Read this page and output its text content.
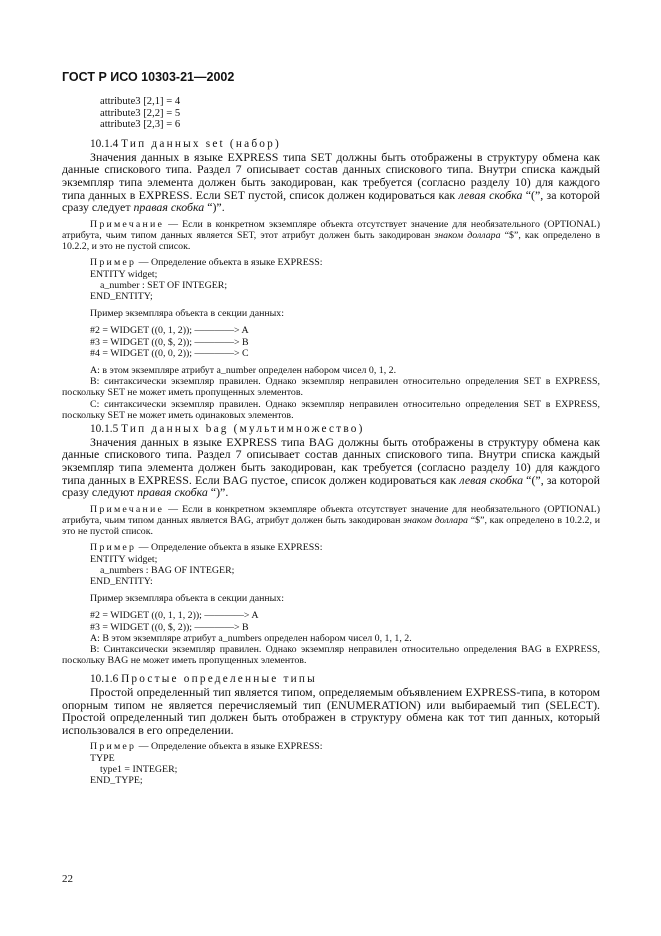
ГОСТ Р ИСО 10303-21—2002

attribute3 [2,1] = 4

attribute3 [2,2] = 5

attribute3 [2,3] = 6

10.1.4 Тип данных set (набор)

Значения данных в языке EXPRESS типа SET должны быть отображены в структуру обмена как данные спискового типа. Раздел 7 описывает состав данных спискового типа. Внутри списка каждый экземпляр типа элемента должен быть закодирован, как требуется (согласно разделу 10) для каждого типа данных в EXPRESS. Если SET пустой, список должен кодироваться как левая скобка “(”, за которой сразу следует правая скобка “)”.

Примечание — Если в конкретном экземпляре объекта отсутствует значение для необязательного (OPTIONAL) атрибута, чьим типом данных является SET, этот атрибут должен быть закодирован знаком доллара “$”, как определено в 10.2.2, и это не пустой список.

Пример — Определение объекта в языке EXPRESS:

ENTITY widget;

a_number : SET OF INTEGER;

END_ENTITY;

Пример экземпляра объекта в секции данных:

#2 = WIDGET ((0, 1, 2)); ————> A

#3 = WIDGET ((0, $, 2)); ————> B

#4 = WIDGET ((0, 0, 2)); ————> C

A: в этом экземпляре атрибут a_number определен набором чисел 0, 1, 2.

B: синтаксически экземпляр правилен. Однако экземпляр неправилен относительно определения SET в EXPRESS, поскольку SET не может иметь пропущенных элементов.

C: синтаксически экземпляр правилен. Однако экземпляр неправилен относительно определения SET в EXPRESS, поскольку SET не может иметь одинаковых элементов.

10.1.5 Тип данных bag (мультимножество)

Значения данных в языке EXPRESS типа BAG должны быть отображены в структуру обмена как данные спискового типа. Раздел 7 описывает состав данных спискового типа. Внутри списка каждый экземпляр типа элемента должен быть закодирован, как требуется (согласно разделу 10) для каждого типа данных в EXPRESS. Если BAG пустое, список должен кодироваться как левая скобка “(”, за которой сразу следуют правая скобка “)”.

Примечание — Если в конкретном экземпляре объекта отсутствует значение для необязательного (OPTIONAL) атрибута, чьим типом данных является BAG, атрибут должен быть закодирован знаком доллара “$”, как определено в 10.2.2, и это не пустой список.

Пример — Определение объекта в языке EXPRESS:

ENTITY widget;

a_numbers : BAG OF INTEGER;

END_ENTITY:

Пример экземпляра объекта в секции данных:

#2 = WIDGET ((0, 1, 1, 2)); ————> A

#3 = WIDGET ((0, $, 2)); ————> B

A: В этом экземпляре атрибут a_numbers определен набором чисел 0, 1, 1, 2.

B: Синтаксически экземпляр правилен. Однако экземпляр неправилен относительно определения BAG в EXPRESS, поскольку BAG не может иметь пропущенных элементов.

10.1.6 Простые определенные типы

Простой определенный тип является типом, определяемым объявлением EXPRESS-типа, в котором опорным типом не является перечисляемый тип (ENUMERATION) или выбираемый тип (SELECT). Простой определенный тип должен быть отображен в структуру обмена как тот тип данных, который использовался в его определении.

Пример — Определение объекта в языке EXPRESS:

TYPE

type1 = INTEGER;

END_TYPE;

22
